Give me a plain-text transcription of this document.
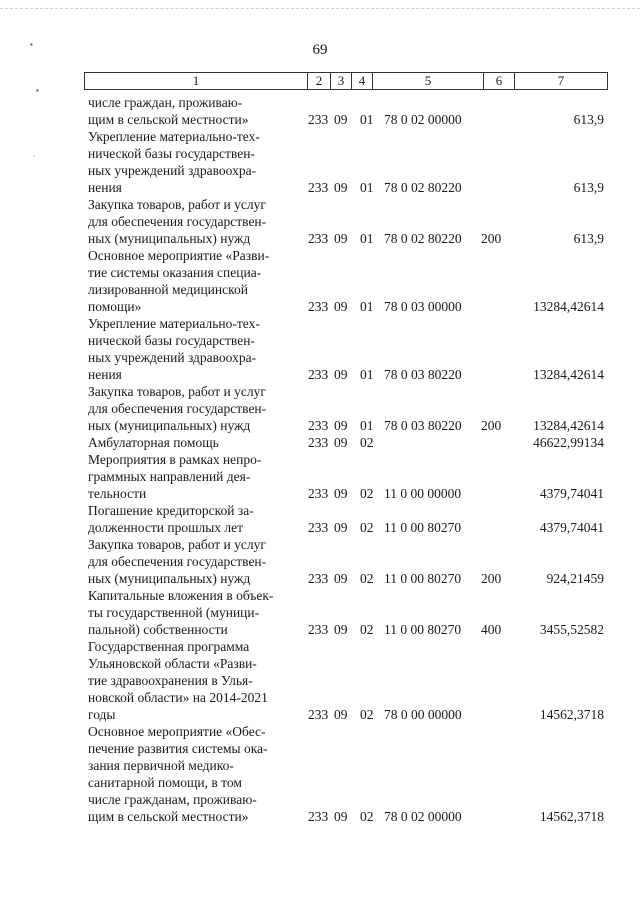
▪
▪
·
69
1	2	3	4	5	6	7
числе граждан, проживаю-
щим в сельской местности»	233 09 01 78 0 02 00000	613,9
Укрепление материально-тех-
нической базы государствен-
ных учреждений здравоохра-
нения	233 09 01 78 0 02 80220	613,9
Закупка товаров, работ и услуг
для обеспечения государствен-
ных (муниципальных) нужд	233 09 01 78 0 02 80220 200	613,9
Основное мероприятие «Разви-
тие системы оказания специа-
лизированной медицинской
помощи»	233 09 01 78 0 03 00000	13284,42614
Укрепление материально-тех-
нической базы государствен-
ных учреждений здравоохра-
нения	233 09 01 78 0 03 80220	13284,42614
Закупка товаров, работ и услуг
для обеспечения государствен-
ных (муниципальных) нужд	233 09 01 78 0 03 80220 200 13284,42614
Амбулаторная помощь	233 09 02	46622,99134
Мероприятия в рамках непро-
граммных направлений дея-
тельности	233 09 02 11 0 00 00000	4379,74041
Погашение кредиторской за-
долженности прошлых лет	233 09 02 11 0 00 80270	4379,74041
Закупка товаров, работ и услуг
для обеспечения государствен-
ных (муниципальных) нужд	233 09 02 11 0 00 80270 200	924,21459
Капитальные вложения в объек-
ты государственной (муници-
пальной) собственности	233 09 02 11 0 00 80270 400	3455,52582
Государственная программа
Ульяновской области «Разви-
тие здравоохранения в Улья-
новской области» на 2014-2021
годы	233 09 02 78 0 00 00000	14562,3718
Основное мероприятие «Обес-
печение развития системы ока-
зания первичной медико-
санитарной помощи, в том
числе гражданам, проживаю-
щим в сельской местности»	233 09 02 78 0 02 00000	14562,3718
